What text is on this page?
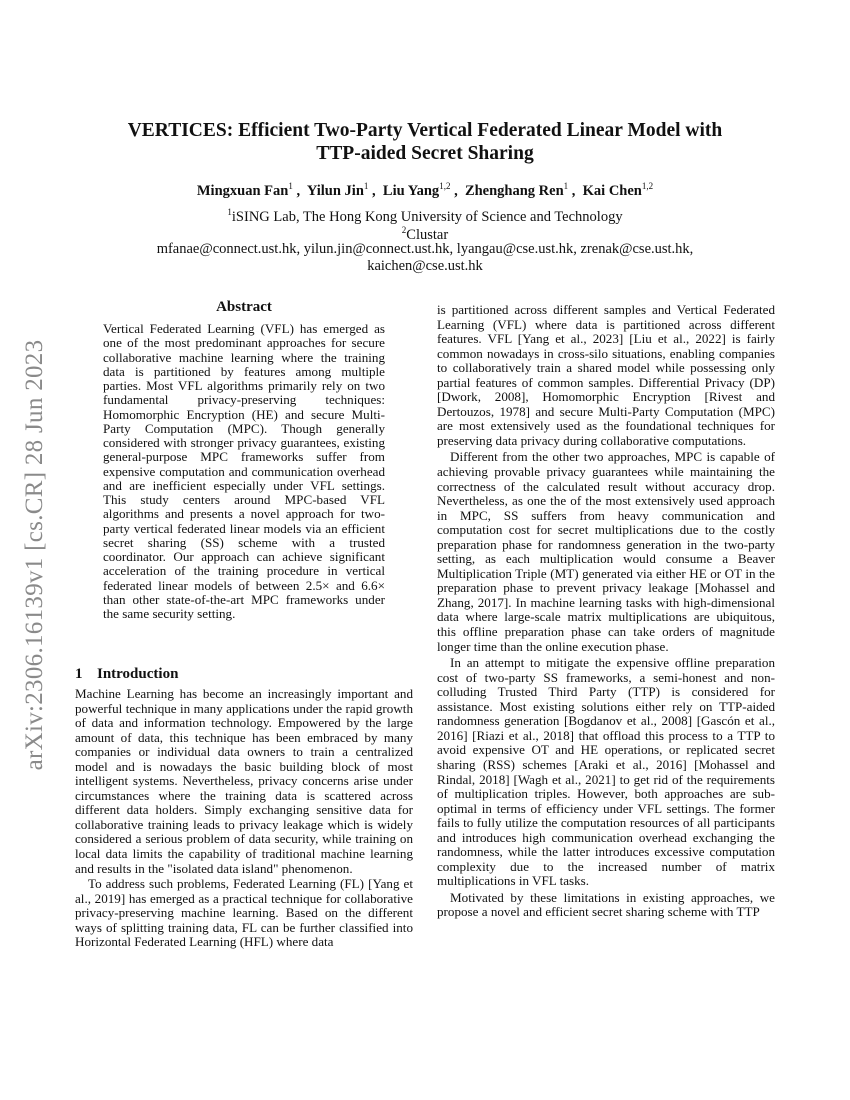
arXiv:2306.16139v1 [cs.CR] 28 Jun 2023
VERTICES: Efficient Two-Party Vertical Federated Linear Model with
TTP-aided Secret Sharing
Mingxuan Fan$^1$ ,  Yilun Jin$^1$ ,  Liu Yang$^{1,2}$ ,  Zhenghang Ren$^1$ ,  Kai Chen$^{1,2}$
$^1$iSING Lab, The Hong Kong University of Science and Technology
$^2$Clustar
mfanae@connect.ust.hk, yilun.jin@connect.ust.hk, lyangau@cse.ust.hk, zrenak@cse.ust.hk,
kaichen@cse.ust.hk
Abstract

Vertical Federated Learning (VFL) has emerged as one of the most predominant approaches for secure collaborative machine learning where the training data is partitioned by features among multiple parties. Most VFL algorithms primarily rely on two fundamental privacy-preserving techniques: Homomorphic Encryption (HE) and secure Multi-Party Computation (MPC). Though generally considered with stronger privacy guarantees, existing general-purpose MPC frameworks suffer from expensive computation and communication overhead and are inefficient especially under VFL settings. This study centers around MPC-based VFL algorithms and presents a novel approach for two-party vertical federated linear models via an efficient secret sharing (SS) scheme with a trusted coordinator. Our approach can achieve significant acceleration of the training procedure in vertical federated linear models of between 2.5× and 6.6× than other state-of-the-art MPC frameworks under the same security setting.

1 Introduction

Machine Learning has become an increasingly important and powerful technique in many applications under the rapid growth of data and information technology. Empowered by the large amount of data, this technique has been embraced by many companies or individual data owners to train a centralized model and is nowadays the basic building block of most intelligent systems. Nevertheless, privacy concerns arise under circumstances where the training data is scattered across different data holders. Simply exchanging sensitive data for collaborative training leads to privacy leakage which is widely considered a serious problem of data security, while training on local data limits the capability of traditional machine learning and results in the "isolated data island" phenomenon.

To address such problems, Federated Learning (FL) [Yang et al., 2019] has emerged as a practical technique for collaborative privacy-preserving machine learning. Based on the different ways of splitting training data, FL can be further classified into Horizontal Federated Learning (HFL) where data

is partitioned across different samples and Vertical Federated Learning (VFL) where data is partitioned across different features. VFL [Yang et al., 2023] [Liu et al., 2022] is fairly common nowadays in cross-silo situations, enabling companies to collaboratively train a shared model while possessing only partial features of common samples. Differential Privacy (DP) [Dwork, 2008], Homomorphic Encryption [Rivest and Dertouzos, 1978] and secure Multi-Party Computation (MPC) are most extensively used as the foundational techniques for preserving data privacy during collaborative computations.

Different from the other two approaches, MPC is capable of achieving provable privacy guarantees while maintaining the correctness of the calculated result without accuracy drop. Nevertheless, as one the of the most extensively used approach in MPC, SS suffers from heavy communication and computation cost for secret multiplications due to the costly preparation phase for randomness generation in the two-party setting, as each multiplication would consume a Beaver Multiplication Triple (MT) generated via either HE or OT in the preparation phase to prevent privacy leakage [Mohassel and Zhang, 2017]. In machine learning tasks with high-dimensional data where large-scale matrix multiplications are ubiquitous, this offline preparation phase can take orders of magnitude longer time than the online execution phase.

In an attempt to mitigate the expensive offline preparation cost of two-party SS frameworks, a semi-honest and non-colluding Trusted Third Party (TTP) is considered for assistance. Most existing solutions either rely on TTP-aided randomness generation [Bogdanov et al., 2008] [Gascón et al., 2016] [Riazi et al., 2018] that offload this process to a TTP to avoid expensive OT and HE operations, or replicated secret sharing (RSS) schemes [Araki et al., 2016] [Mohassel and Rindal, 2018] [Wagh et al., 2021] to get rid of the requirements of multiplication triples. However, both approaches are sub-optimal in terms of efficiency under VFL settings. The former fails to fully utilize the computation resources of all participants and introduces high communication overhead exchanging the randomness, while the latter introduces excessive computation complexity due to the increased number of matrix multiplications in VFL tasks.

Motivated by these limitations in existing approaches, we propose a novel and efficient secret sharing scheme with TTP
